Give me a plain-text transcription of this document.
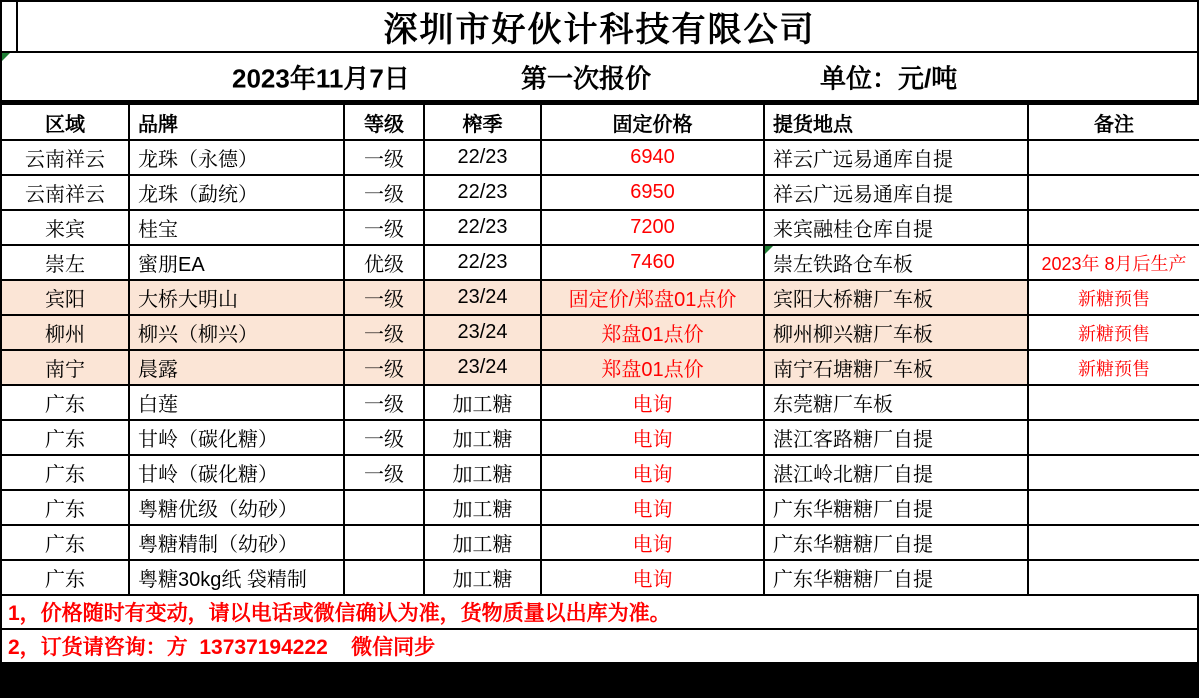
深圳市好伙计科技有限公司
2023年11月7日	第一次报价	单位：元/吨
区域	品牌	等级	榨季	固定价格	提货地点	备注
云南祥云	龙珠（永德）	一级	22/23	6940	祥云广远易通库自提	
云南祥云	龙珠（勐统）	一级	22/23	6950	祥云广远易通库自提	
来宾	桂宝	一级	22/23	7200	来宾融桂仓库自提	
崇左	蜜朋EA	优级	22/23	7460	崇左铁路仓车板	2023年 8月后生产
宾阳	大桥大明山	一级	23/24	固定价/郑盘01点价	宾阳大桥糖厂车板	新糖预售
柳州	柳兴（柳兴）	一级	23/24	郑盘01点价	柳州柳兴糖厂车板	新糖预售
南宁	晨露	一级	23/24	郑盘01点价	南宁石塘糖厂车板	新糖预售
广东	白莲	一级	加工糖	电询	东莞糖厂车板	
广东	甘岭（碳化糖）	一级	加工糖	电询	湛江客路糖厂自提	
广东	甘岭（碳化糖）	一级	加工糖	电询	湛江岭北糖厂自提	
广东	粤糖优级（幼砂）		加工糖	电询	广东华糖糖厂自提	
广东	粤糖精制（幼砂）		加工糖	电询	广东华糖糖厂自提	
广东	粤糖30kg纸 袋精制		加工糖	电询	广东华糖糖厂自提	
1，价格随时有变动，请以电话或微信确认为准，货物质量以出库为准。
2，订货请咨询：方  13737194222    微信同步
